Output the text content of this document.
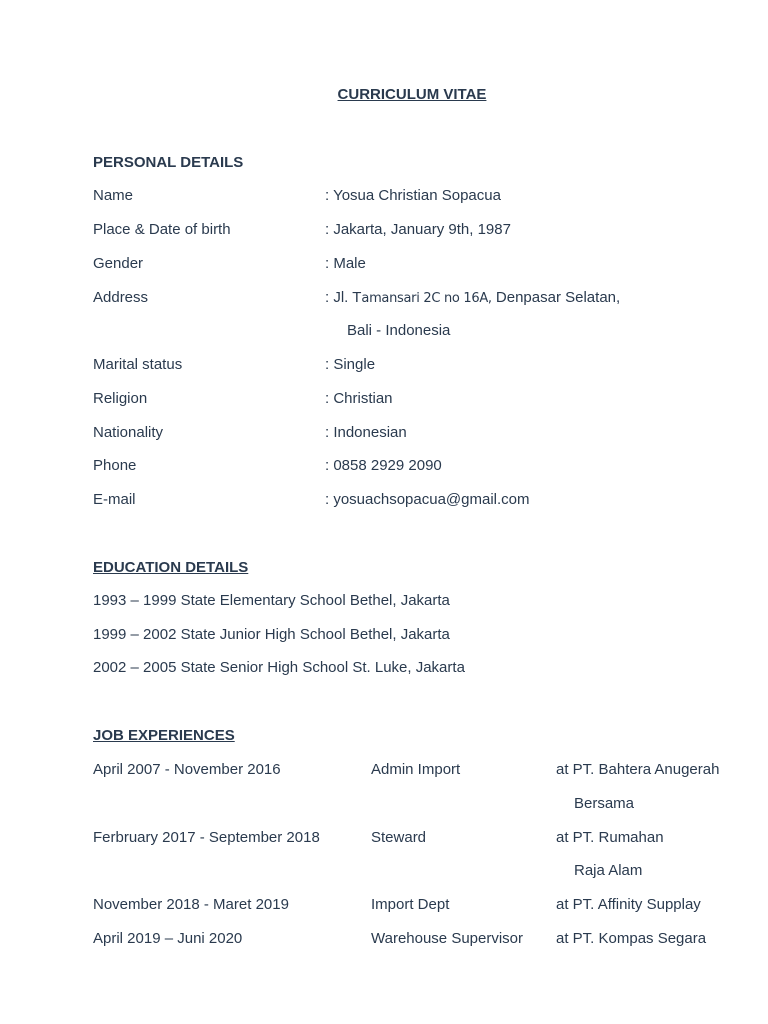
CURRICULUM VITAE
PERSONAL DETAILS
Name	: Yosua Christian Sopacua
Place & Date of birth	: Jakarta, January 9th, 1987
Gender	: Male
Address	: Jl. Tamansari 2C no 16A, Denpasar Selatan,
Bali - Indonesia
Marital status	: Single
Religion	: Christian
Nationality	: Indonesian
Phone	: 0858 2929 2090
E-mail	: yosuachsopacua@gmail.com
EDUCATION DETAILS
1993 – 1999 State Elementary School Bethel, Jakarta
1999 – 2002 State Junior High School Bethel, Jakarta
2002 – 2005 State Senior High School St. Luke, Jakarta
JOB EXPERIENCES
April 2007 - November 2016	Admin Import	at PT. Bahtera Anugerah
Bersama
Ferbruary 2017 - September 2018	Steward	at PT. Rumahan
Raja Alam
November 2018 - Maret 2019	Import Dept	at PT. Affinity Supplay
April 2019 – Juni 2020	Warehouse Supervisor at PT. Kompas Segara
